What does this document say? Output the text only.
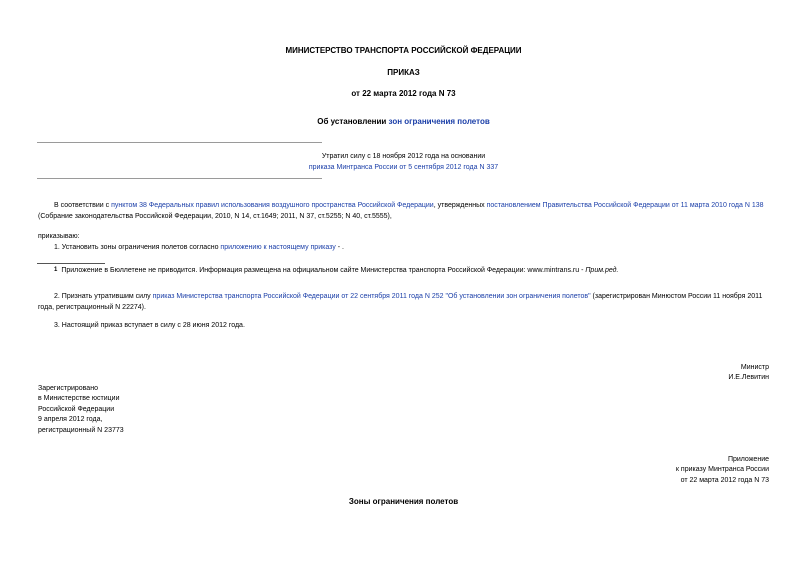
МИНИСТЕРСТВО ТРАНСПОРТА РОССИЙСКОЙ ФЕДЕРАЦИИ
ПРИКАЗ
от 22 марта 2012 года N 73
Об установлении зон ограничения полетов
Утратил силу с 18 ноября 2012 года на основании
приказа Минтранса России от 5 сентября 2012 года N 337
В соответствии с пунктом 38 Федеральных правил использования воздушного пространства Российской Федерации, утвержденных постановлением Правительства Российской Федерации от 11 марта 2010 года N 138 (Собрание законодательства Российской Федерации, 2010, N 14, ст.1649; 2011, N 37, ст.5255; N 40, ст.5555),
приказываю:
1. Установить зоны ограничения полетов согласно приложению к настоящему приказу - .
1 Приложение в Бюллетене не приводится. Информация размещена на официальном сайте Министерства транспорта Российской Федерации: www.mintrans.ru - Прим.ред.
2. Признать утратившим силу приказ Министерства транспорта Российской Федерации от 22 сентября 2011 года N 252 "Об установлении зон ограничения полетов" (зарегистрирован Минюстом России 11 ноября 2011 года, регистрационный N 22274).
3. Настоящий приказ вступает в силу с 28 июня 2012 года.
Министр
И.Е.Левитин
Зарегистрировано
в Министерстве юстиции
Российской Федерации
9 апреля 2012 года,
регистрационный N 23773
Приложение
к приказу Минтранса России
от 22 марта 2012 года N 73
Зоны ограничения полетов
